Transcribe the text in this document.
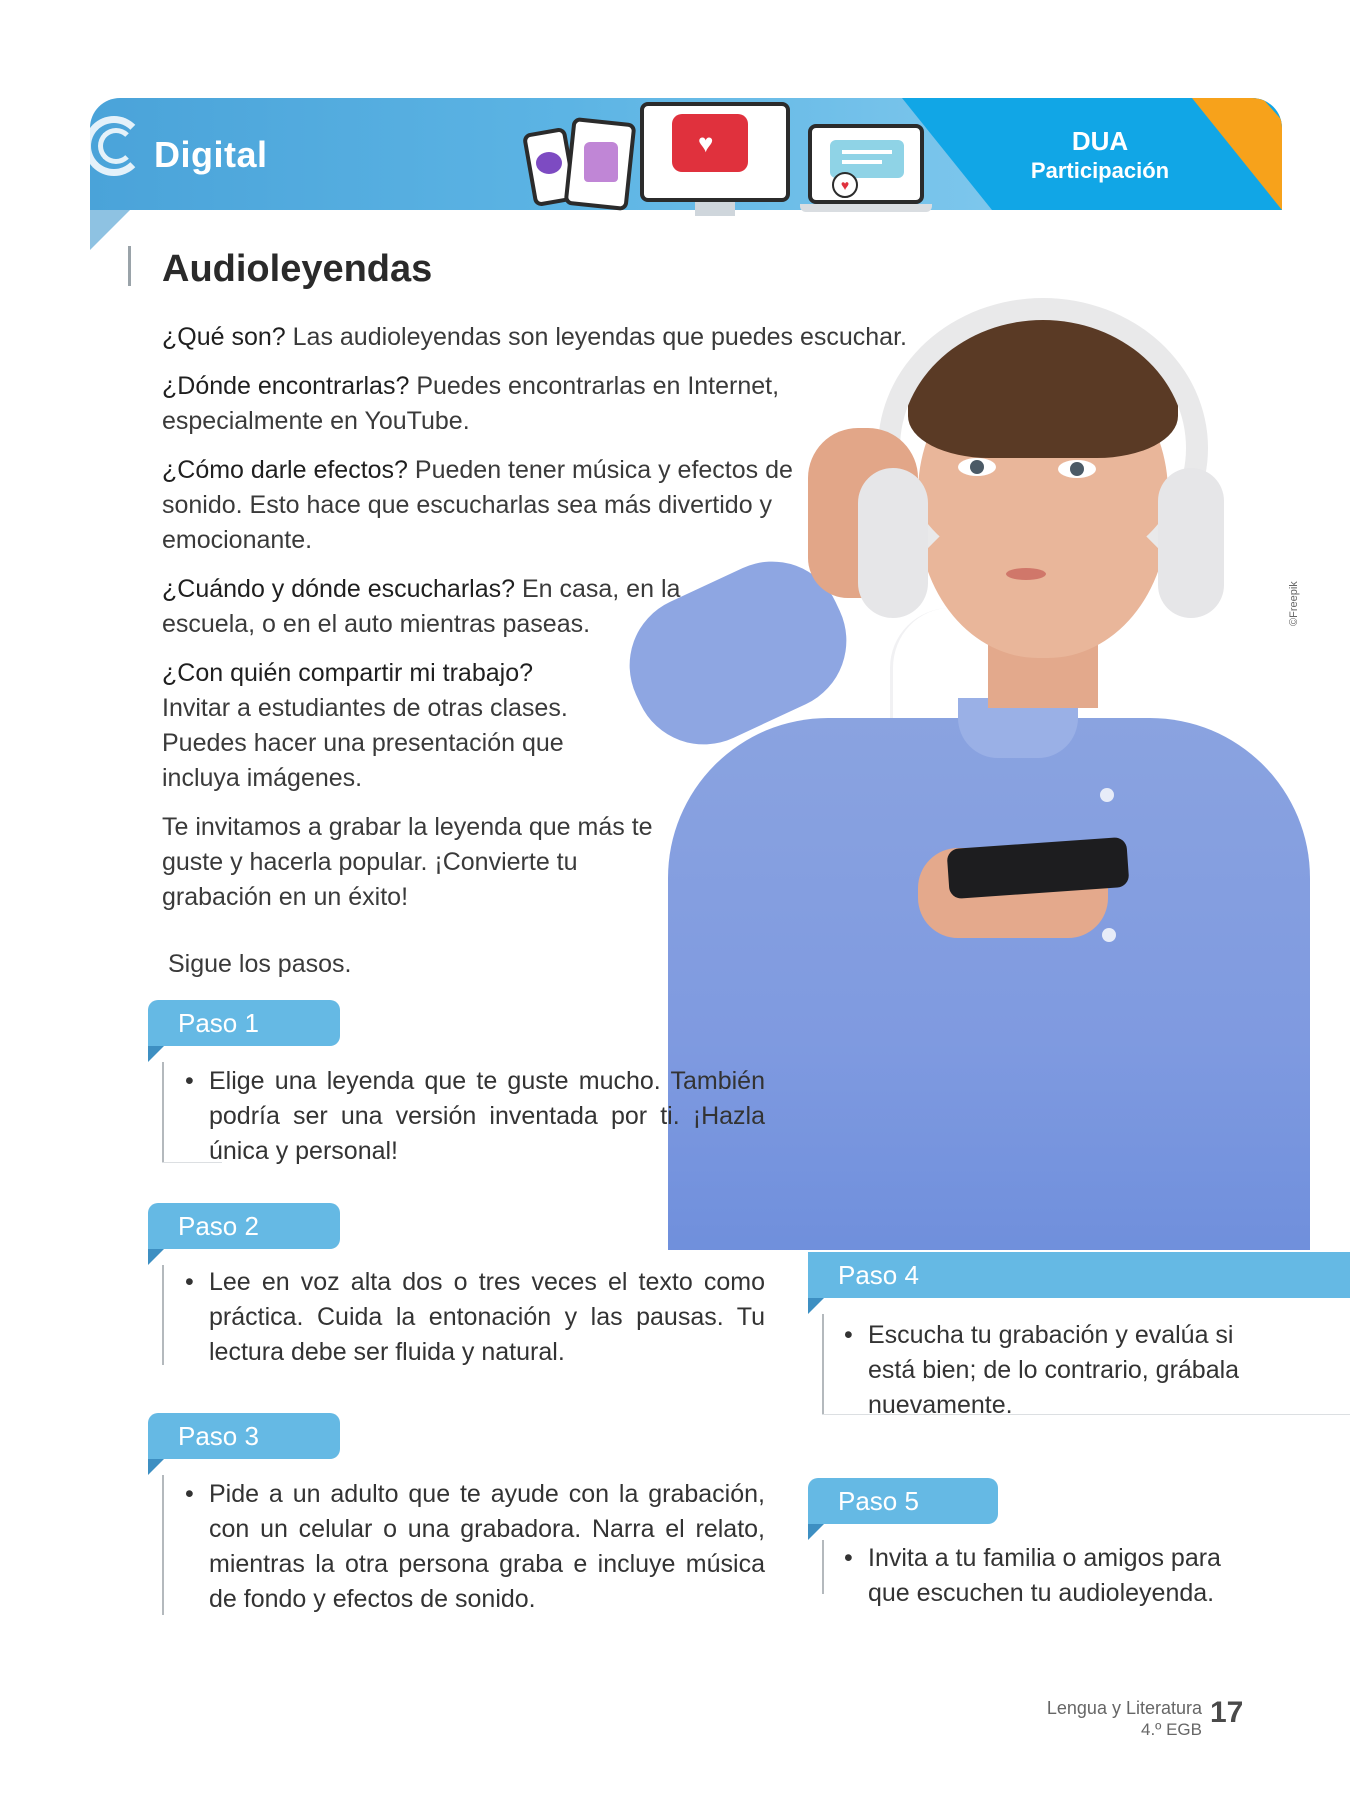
Digital	DUA
Participación
♥
♥
©Freepik
Audioleyendas

¿Qué son? Las audioleyendas son leyendas que puedes escuchar.

¿Dónde encontrarlas? Puedes encontrarlas en Internet, especialmente en YouTube.

¿Cómo darle efectos? Pueden tener música y efectos de sonido. Esto hace que escucharlas sea más divertido y emocionante.

¿Cuándo y dónde escucharlas? En casa, en la escuela, o en el auto mientras paseas.

¿Con quién compartir mi trabajo? Invitar a estudiantes de otras clases. Puedes hacer una presentación que incluya imágenes.

Te invitamos a grabar la leyenda que más te guste y hacerla popular. ¡Convierte tu grabación en un éxito!

Sigue los pasos.

Paso 1
• Elige una leyenda que te guste mucho. También podría ser una versión inventada por ti. ¡Hazla única y personal!
Paso 2
• Lee en voz alta dos o tres veces el texto como práctica. Cuida la entonación y las pausas. Tu lectura debe ser fluida y natural.
Paso 3
• Pide a un adulto que te ayude con la grabación, con un celular o una grabadora. Narra el relato, mientras la otra persona graba e incluye música de fondo y efectos de sonido.
Paso 4
• Escucha tu grabación y evalúa si está bien; de lo contrario, grábala nuevamente.
Paso 5
• Invita a tu familia o amigos para que escuchen tu audioleyenda.
Lengua y Literatura
4.º EGB
17
